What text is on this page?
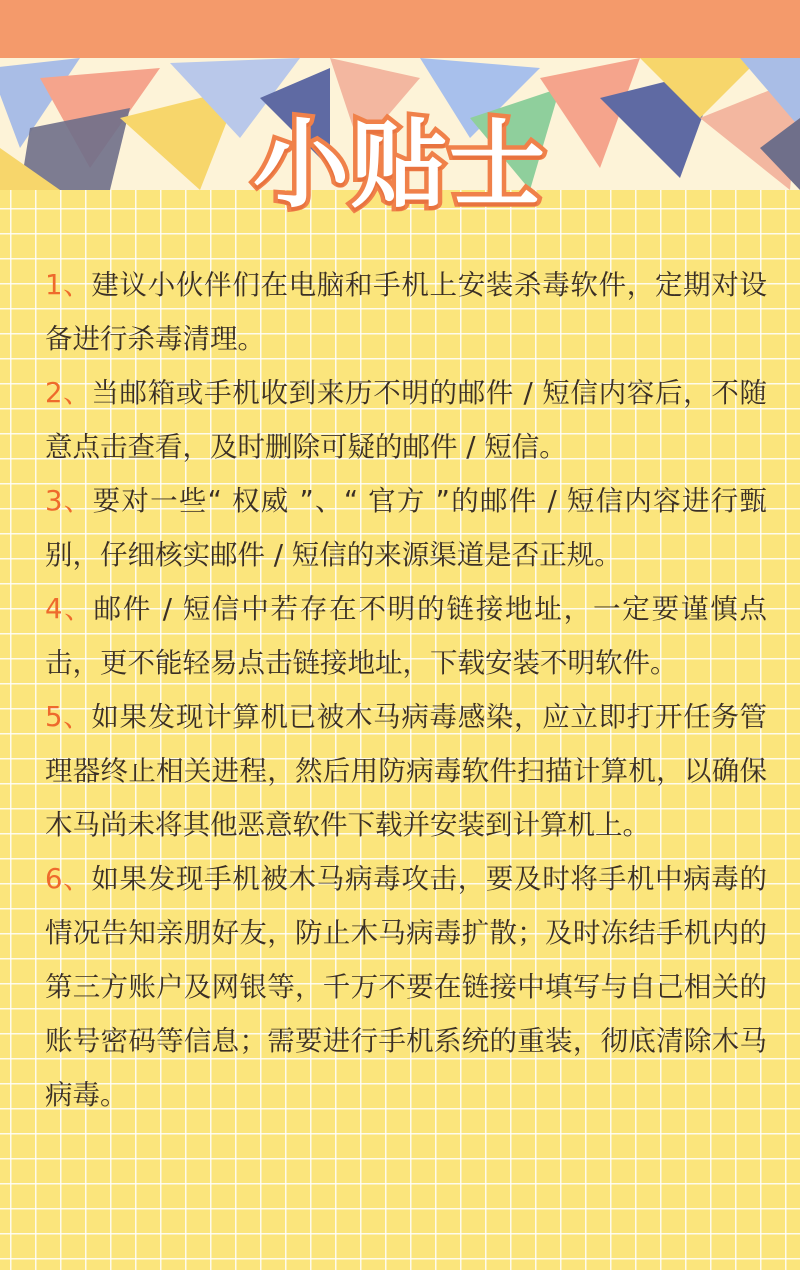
小贴士

1、建议小伙伴们在电脑和手机上安装杀毒软件，定期对设备进行杀毒清理。

2、当邮箱或手机收到来历不明的邮件 / 短信内容后，不随意点击查看，及时删除可疑的邮件 / 短信。

3、要对一些“ 权威 ”、“ 官方 ”的邮件 / 短信内容进行甄别，仔细核实邮件 / 短信的来源渠道是否正规。

4、邮件 / 短信中若存在不明的链接地址，一定要谨慎点击，更不能轻易点击链接地址，下载安装不明软件。

5、如果发现计算机已被木马病毒感染，应立即打开任务管理器终止相关进程，然后用防病毒软件扫描计算机，以确保木马尚未将其他恶意软件下载并安装到计算机上。

6、如果发现手机被木马病毒攻击，要及时将手机中病毒的情况告知亲朋好友，防止木马病毒扩散；及时冻结手机内的第三方账户及网银等，千万不要在链接中填写与自己相关的账号密码等信息；需要进行手机系统的重装，彻底清除木马病毒。
